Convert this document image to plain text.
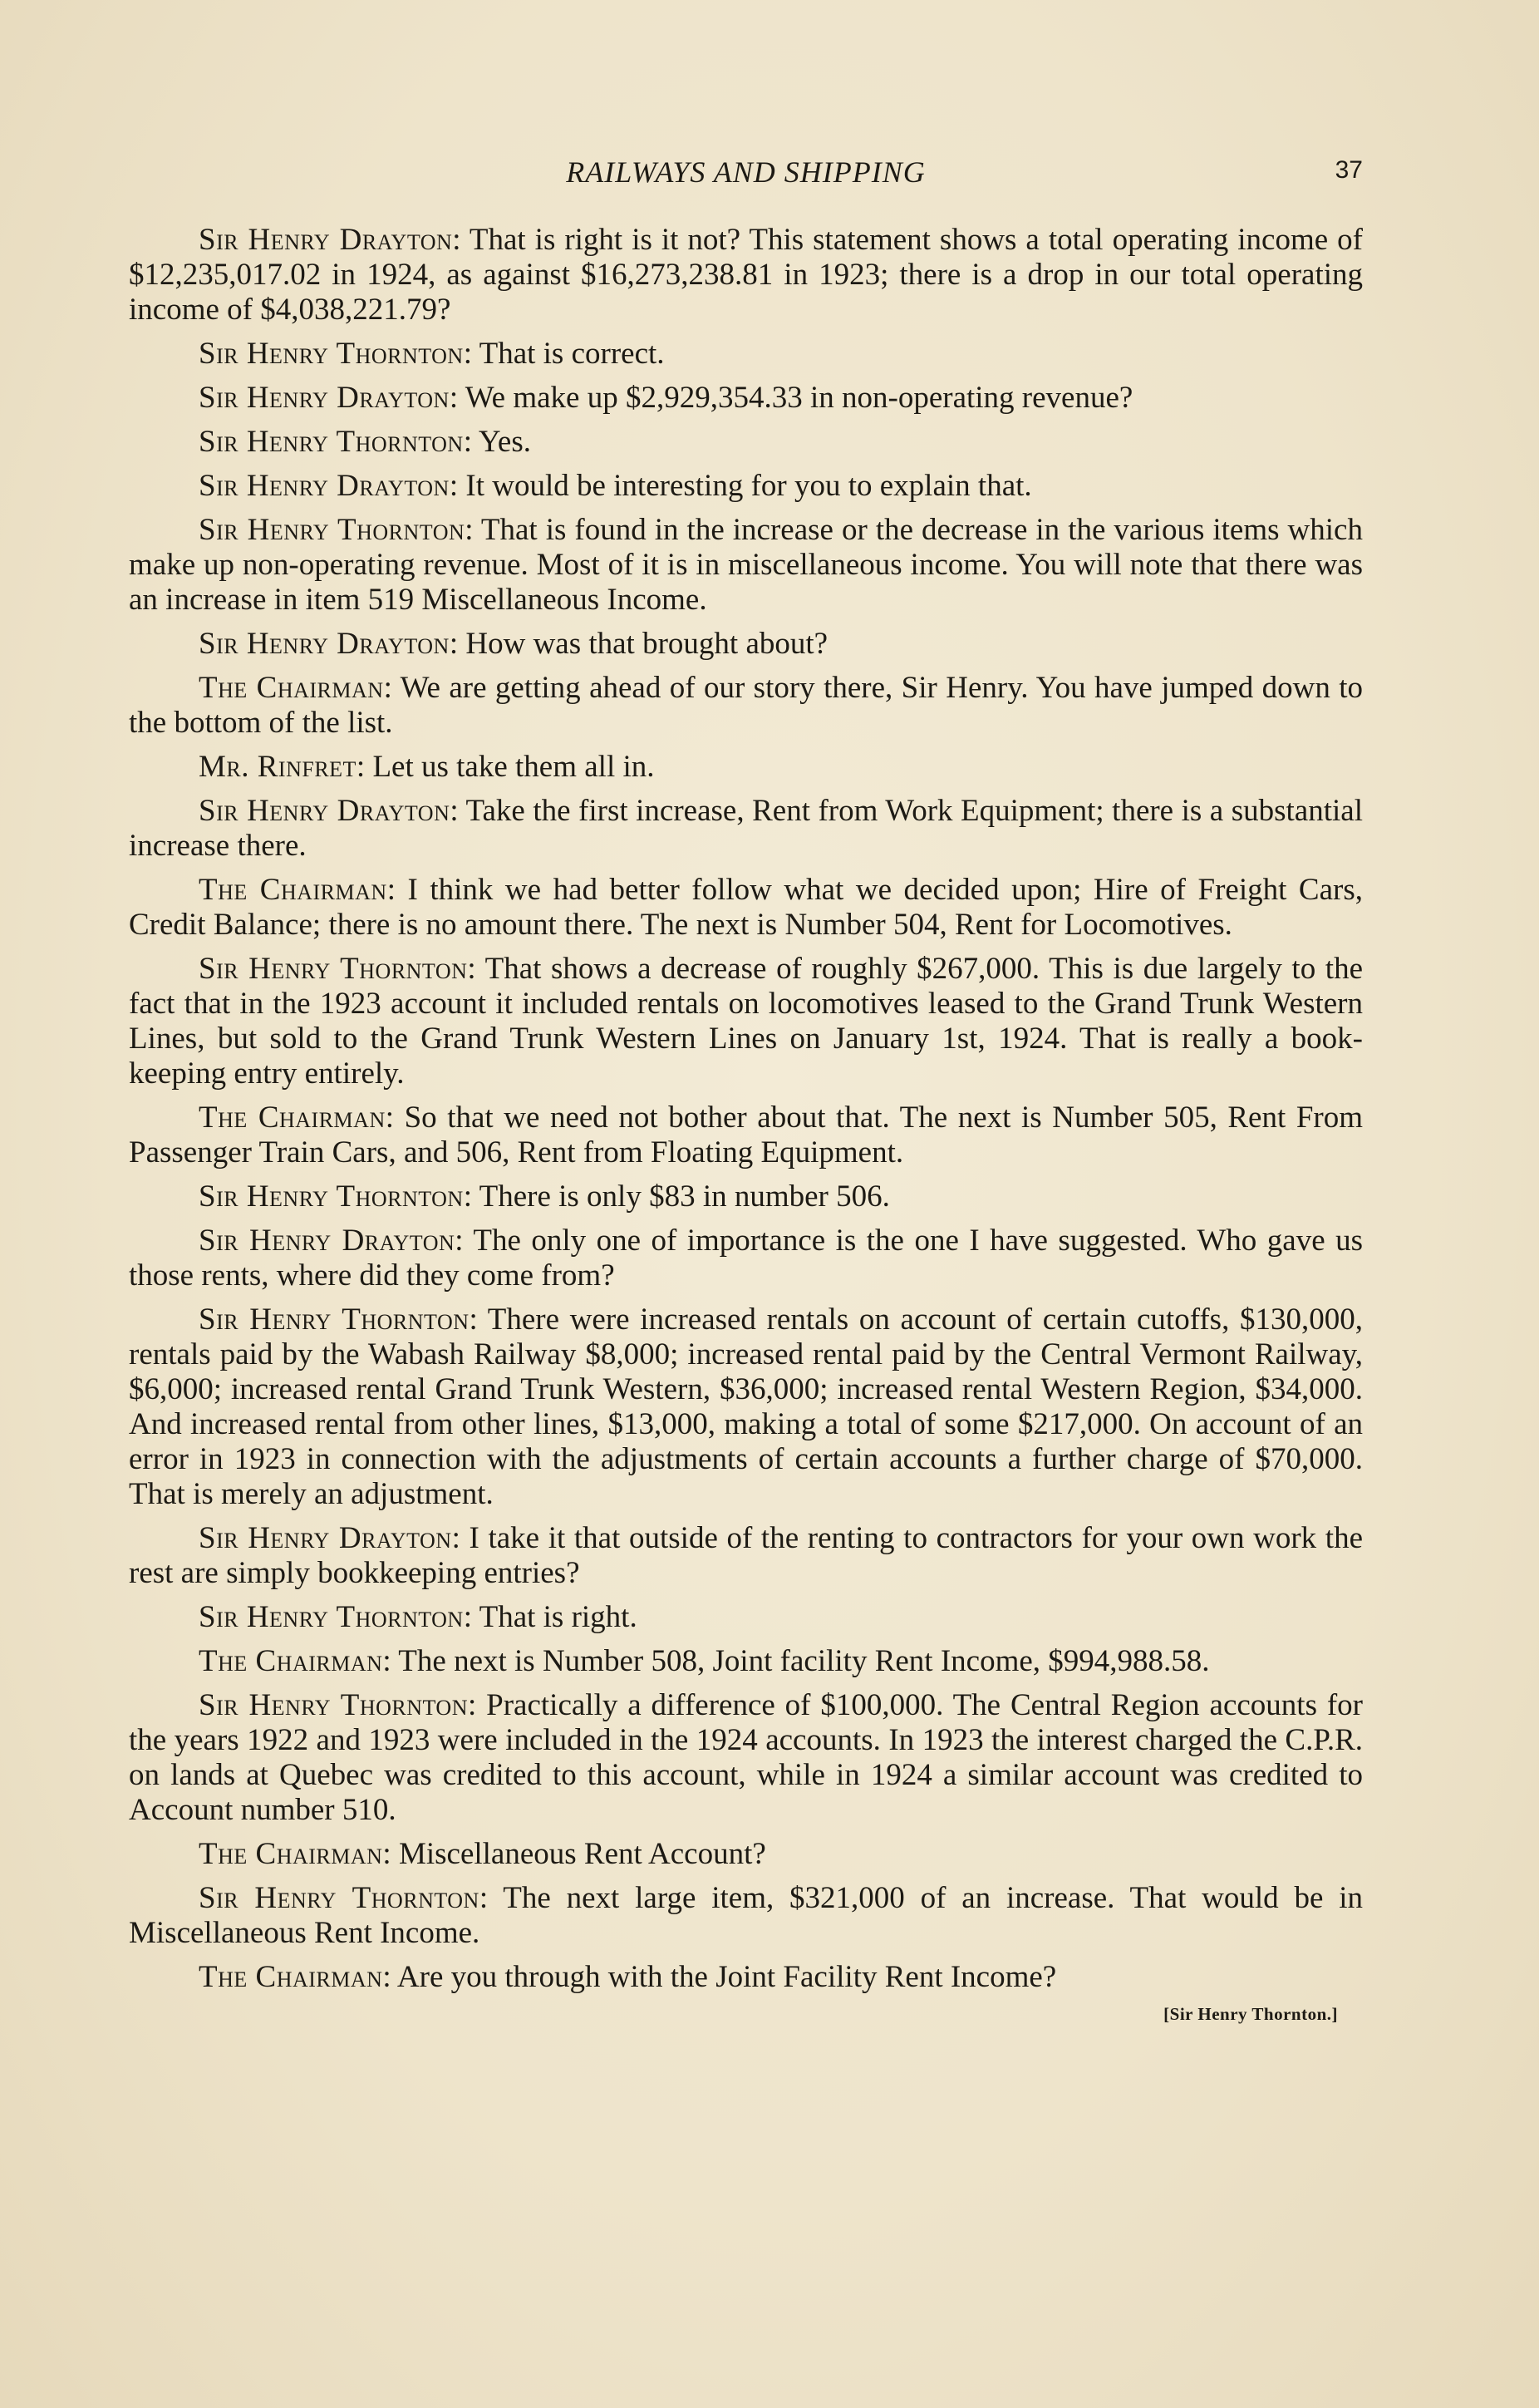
RAILWAYS AND SHIPPING	37

Sir Henry Drayton: That is right is it not? This statement shows a total operating income of $12,235,017.02 in 1924, as against $16,273,238.81 in 1923; there is a drop in our total operating income of $4,038,221.79?

Sir Henry Thornton: That is correct.

Sir Henry Drayton: We make up $2,929,354.33 in non-operating revenue?

Sir Henry Thornton: Yes.

Sir Henry Drayton: It would be interesting for you to explain that.

Sir Henry Thornton: That is found in the increase or the decrease in the various items which make up non-operating revenue. Most of it is in miscellaneous income. You will note that there was an increase in item 519 Miscellaneous Income.

Sir Henry Drayton: How was that brought about?

The Chairman: We are getting ahead of our story there, Sir Henry. You have jumped down to the bottom of the list.

Mr. Rinfret: Let us take them all in.

Sir Henry Drayton: Take the first increase, Rent from Work Equipment; there is a substantial increase there.

The Chairman: I think we had better follow what we decided upon; Hire of Freight Cars, Credit Balance; there is no amount there. The next is Number 504, Rent for Locomotives.

Sir Henry Thornton: That shows a decrease of roughly $267,000. This is due largely to the fact that in the 1923 account it included rentals on locomotives leased to the Grand Trunk Western Lines, but sold to the Grand Trunk Western Lines on January 1st, 1924. That is really a book-keeping entry entirely.

The Chairman: So that we need not bother about that. The next is Number 505, Rent From Passenger Train Cars, and 506, Rent from Floating Equipment.

Sir Henry Thornton: There is only $83 in number 506.

Sir Henry Drayton: The only one of importance is the one I have suggested. Who gave us those rents, where did they come from?

Sir Henry Thornton: There were increased rentals on account of certain cutoffs, $130,000, rentals paid by the Wabash Railway $8,000; increased rental paid by the Central Vermont Railway, $6,000; increased rental Grand Trunk Western, $36,000; increased rental Western Region, $34,000. And increased rental from other lines, $13,000, making a total of some $217,000. On account of an error in 1923 in connection with the adjustments of certain accounts a further charge of $70,000. That is merely an adjustment.

Sir Henry Drayton: I take it that outside of the renting to contractors for your own work the rest are simply bookkeeping entries?

Sir Henry Thornton: That is right.

The Chairman: The next is Number 508, Joint facility Rent Income, $994,988.58.

Sir Henry Thornton: Practically a difference of $100,000. The Central Region accounts for the years 1922 and 1923 were included in the 1924 accounts. In 1923 the interest charged the C.P.R. on lands at Quebec was credited to this account, while in 1924 a similar account was credited to Account number 510.

The Chairman: Miscellaneous Rent Account?

Sir Henry Thornton: The next large item, $321,000 of an increase. That would be in Miscellaneous Rent Income.

The Chairman: Are you through with the Joint Facility Rent Income?

[Sir Henry Thornton.]
